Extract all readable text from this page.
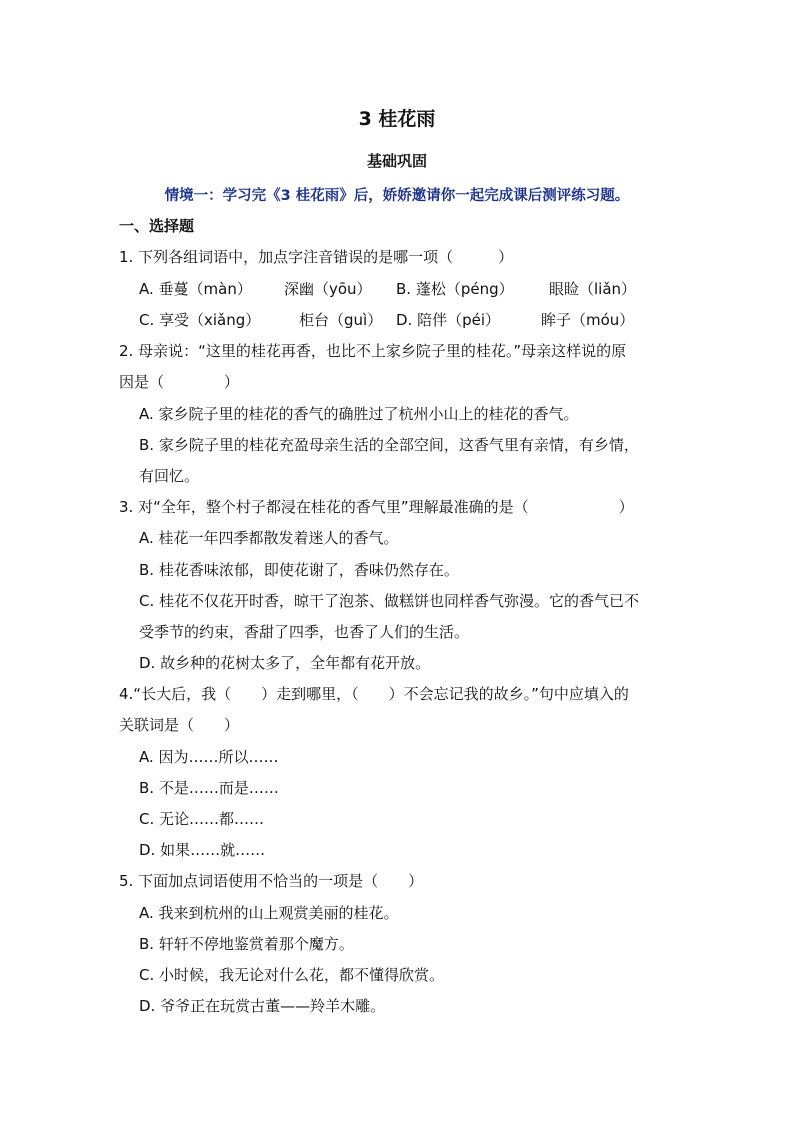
3 桂花雨
基础巩固
情境一：学习完《3 桂花雨》后，娇娇邀请你一起完成课后测评练习题。
一、选择题
1. 下列各组词语中，加点字注音错误的是哪一项（　　　）
A. 垂蔓（màn） 深幽（yōu） B. 蓬松（péng） 眼睑（liǎn）
C. 享受（xiǎng）	柜台（guì） D. 陪伴（péi）	眸子（móu）
2. 母亲说：“这里的桂花再香，也比不上家乡院子里的桂花。”母亲这样说的原
因是（　　　　）
A. 家乡院子里的桂花的香气的确胜过了杭州小山上的桂花的香气。
B. 家乡院子里的桂花充盈母亲生活的全部空间，这香气里有亲情，有乡情，
有回忆。
3. 对“全年，整个村子都浸在桂花的香气里”理解最准确的是（　　　　　　）
A. 桂花一年四季都散发着迷人的香气。
B. 桂花香味浓郁，即使花谢了，香味仍然存在。
C. 桂花不仅花开时香，晾干了泡茶、做糕饼也同样香气弥漫。它的香气已不
受季节的约束，香甜了四季，也香了人们的生活。
D. 故乡种的花树太多了，全年都有花开放。
4.“长大后，我（　　）走到哪里，（　　）不会忘记我的故乡。”句中应填入的
关联词是（　　）
A. 因为……所以……
B. 不是……而是……
C. 无论……都……
D. 如果……就……
5. 下面加点词语使用不恰当的一项是（　　）
A. 我来到杭州的山上观赏美丽的桂花。
B. 轩轩不停地鉴赏着那个魔方。
C. 小时候，我无论对什么花，都不懂得欣赏。
D. 爷爷正在玩赏古董——羚羊木雕。
